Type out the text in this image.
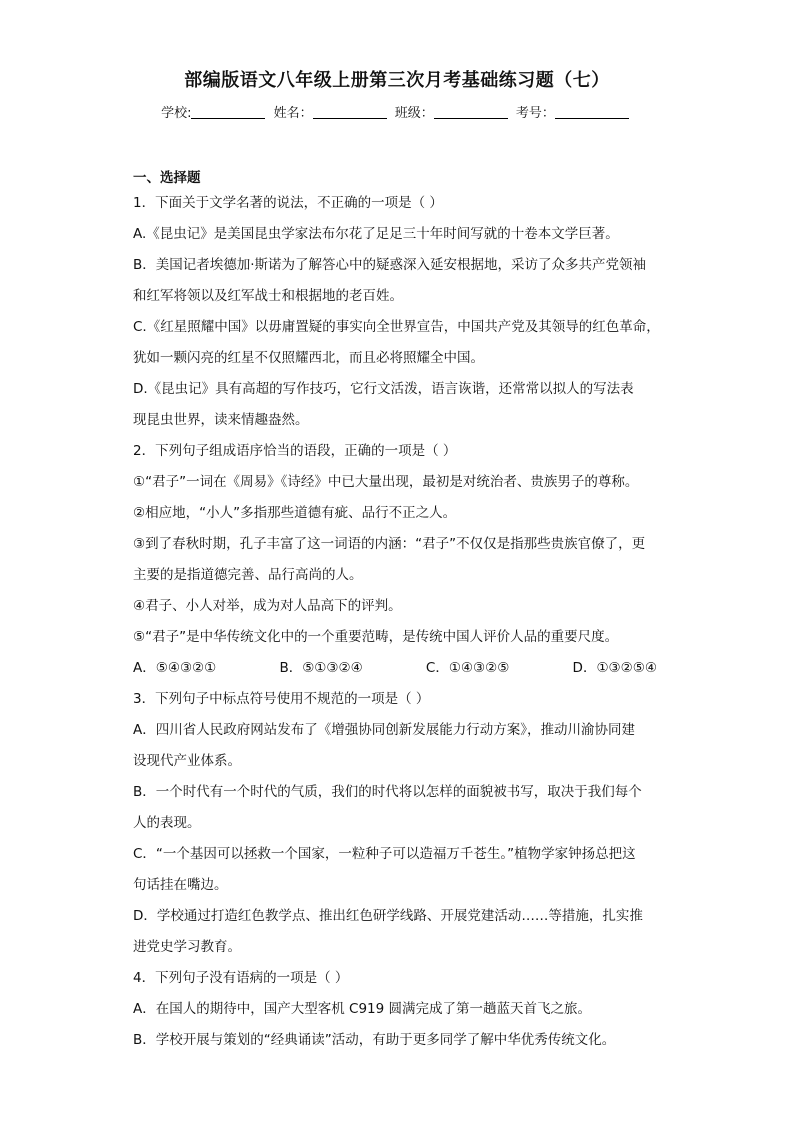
部编版语文八年级上册第三次月考基础练习题（七）
学校:	姓名：	班级：	考号：
一、选择题
1．下面关于文学名著的说法，不正确的一项是（ ）
A.《昆虫记》是美国昆虫学家法布尔花了足足三十年时间写就的十卷本文学巨著。
B．美国记者埃德加·斯诺为了解答心中的疑惑深入延安根据地，采访了众多共产党领袖
和红军将领以及红军战士和根据地的老百姓。
C.《红星照耀中国》以毋庸置疑的事实向全世界宣告，中国共产党及其领导的红色革命，
犹如一颗闪亮的红星不仅照耀西北，而且必将照耀全中国。
D.《昆虫记》具有高超的写作技巧，它行文活泼，语言诙谐，还常常以拟人的写法表
现昆虫世界，读来情趣盎然。
2．下列句子组成语序恰当的语段，正确的一项是（ ）
①“君子”一词在《周易》《诗经》中已大量出现，最初是对统治者、贵族男子的尊称。
②相应地，“小人”多指那些道德有疵、品行不正之人。
③到了春秋时期，孔子丰富了这一词语的内涵：“君子”不仅仅是指那些贵族官僚了，更
主要的是指道德完善、品行高尚的人。
④君子、小人对举，成为对人品高下的评判。
⑤“君子”是中华传统文化中的一个重要范畴，是传统中国人评价人品的重要尺度。
A．⑤④③②①	B．⑤①③②④	C．①④③②⑤	D．①③②⑤④
3．下列句子中标点符号使用不规范的一项是（ ）
A．四川省人民政府网站发布了《增强协同创新发展能力行动方案》，推动川渝协同建
设现代产业体系。
B．一个时代有一个时代的气质，我们的时代将以怎样的面貌被书写，取决于我们每个
人的表现。
C．“一个基因可以拯救一个国家，一粒种子可以造福万千苍生。”植物学家钟扬总把这
句话挂在嘴边。
D．学校通过打造红色教学点、推出红色研学线路、开展党建活动……等措施，扎实推
进党史学习教育。
4．下列句子没有语病的一项是（ ）
A．在国人的期待中，国产大型客机 C919 圆满完成了第一趟蓝天首飞之旅。
B．学校开展与策划的“经典诵读”活动，有助于更多同学了解中华优秀传统文化。
